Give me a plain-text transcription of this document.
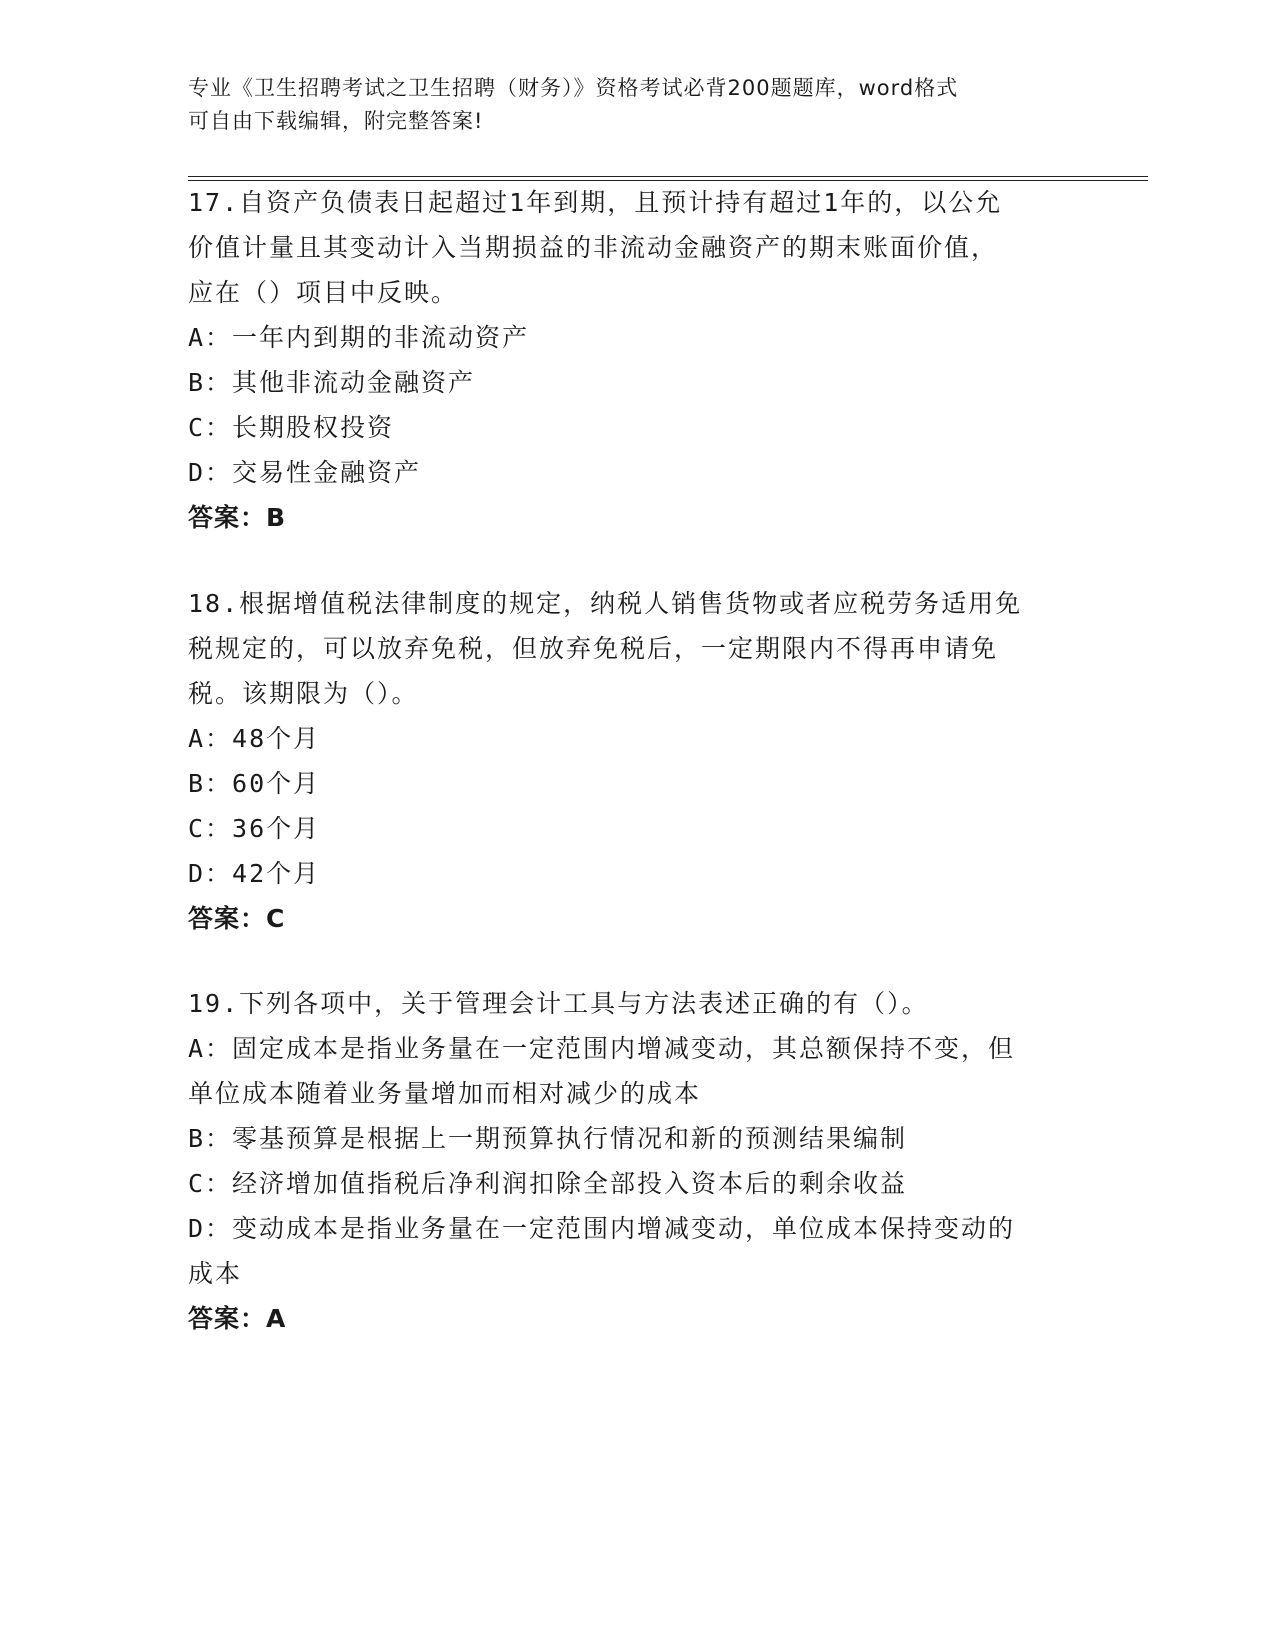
专业《卫生招聘考试之卫生招聘（财务）》资格考试必背200题题库，word格式
可自由下载编辑，附完整答案!
17.自资产负债表日起超过1年到期，且预计持有超过1年的，以公允
价值计量且其变动计入当期损益的非流动金融资产的期末账面价值，
应在（）项目中反映。
A：一年内到期的非流动资产
B：其他非流动金融资产
C：长期股权投资
D：交易性金融资产
答案：B
18.根据增值税法律制度的规定，纳税人销售货物或者应税劳务适用免
税规定的，可以放弃免税，但放弃免税后，一定期限内不得再申请免
税。该期限为（）。
A：48个月
B：60个月
C：36个月
D：42个月
答案：C
19.下列各项中，关于管理会计工具与方法表述正确的有（）。
A：固定成本是指业务量在一定范围内增减变动，其总额保持不变，但
单位成本随着业务量增加而相对减少的成本
B：零基预算是根据上一期预算执行情况和新的预测结果编制
C：经济增加值指税后净利润扣除全部投入资本后的剩余收益
D：变动成本是指业务量在一定范围内增减变动，单位成本保持变动的
成本
答案：A
